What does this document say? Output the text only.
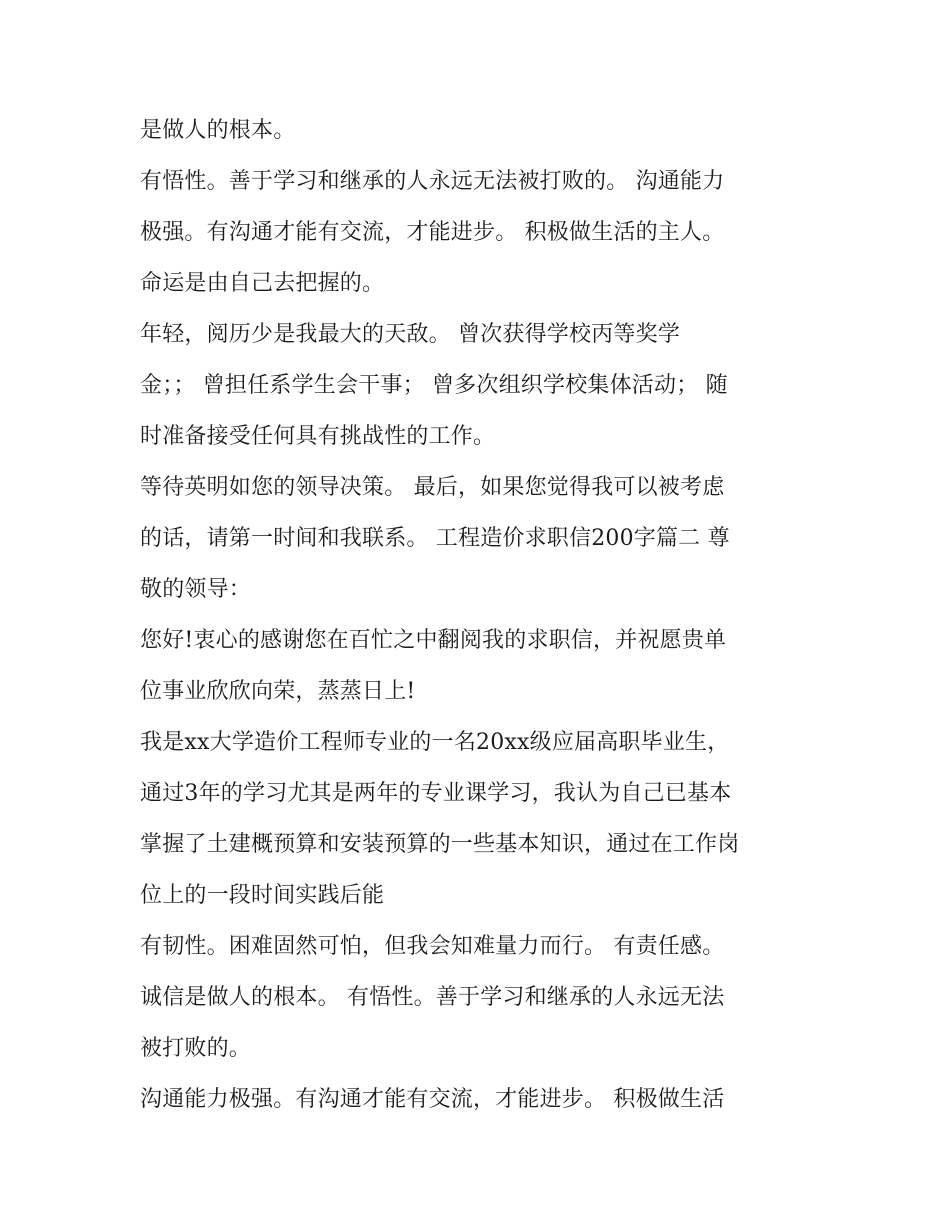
是做人的根本。
有悟性。善于学习和继承的人永远无法被打败的。 沟通能力
极强。有沟通才能有交流，才能进步。 积极做生活的主人。
命运是由自己去把握的。
年轻，阅历少是我最大的天敌。 曾次获得学校丙等奖学
金；； 曾担任系学生会干事； 曾多次组织学校集体活动； 随
时准备接受任何具有挑战性的工作。
等待英明如您的领导决策。 最后，如果您觉得我可以被考虑
的话，请第一时间和我联系。 工程造价求职信200字篇二 尊
敬的领导：
您好!衷心的感谢您在百忙之中翻阅我的求职信，并祝愿贵单
位事业欣欣向荣，蒸蒸日上!
我是xx大学造价工程师专业的一名20xx级应届高职毕业生，
通过3年的学习尤其是两年的专业课学习，我认为自己已基本
掌握了土建概预算和安装预算的一些基本知识，通过在工作岗
位上的一段时间实践后能
有韧性。困难固然可怕，但我会知难量力而行。 有责任感。
诚信是做人的根本。 有悟性。善于学习和继承的人永远无法
被打败的。
沟通能力极强。有沟通才能有交流，才能进步。 积极做生活
